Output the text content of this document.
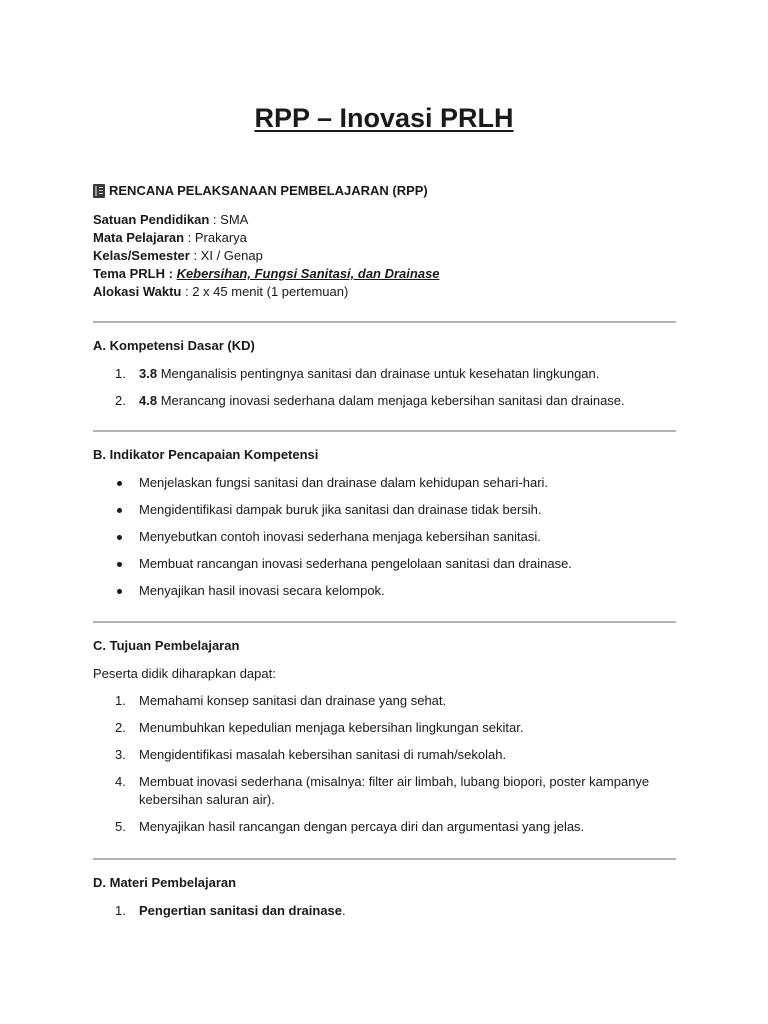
RPP – Inovasi PRLH
RENCANA PELAKSANAAN PEMBELAJARAN (RPP)
Satuan Pendidikan : SMA
Mata Pelajaran : Prakarya
Kelas/Semester : XI / Genap
Tema PRLH : Kebersihan, Fungsi Sanitasi, dan Drainase
Alokasi Waktu : 2 x 45 menit (1 pertemuan)
A. Kompetensi Dasar (KD)
1. 3.8 Menganalisis pentingnya sanitasi dan drainase untuk kesehatan lingkungan.
2. 4.8 Merancang inovasi sederhana dalam menjaga kebersihan sanitasi dan drainase.
B. Indikator Pencapaian Kompetensi
Menjelaskan fungsi sanitasi dan drainase dalam kehidupan sehari-hari.
Mengidentifikasi dampak buruk jika sanitasi dan drainase tidak bersih.
Menyebutkan contoh inovasi sederhana menjaga kebersihan sanitasi.
Membuat rancangan inovasi sederhana pengelolaan sanitasi dan drainase.
Menyajikan hasil inovasi secara kelompok.
C. Tujuan Pembelajaran
Peserta didik diharapkan dapat:
1. Memahami konsep sanitasi dan drainase yang sehat.
2. Menumbuhkan kepedulian menjaga kebersihan lingkungan sekitar.
3. Mengidentifikasi masalah kebersihan sanitasi di rumah/sekolah.
4. Membuat inovasi sederhana (misalnya: filter air limbah, lubang biopori, poster kampanye kebersihan saluran air).
5. Menyajikan hasil rancangan dengan percaya diri dan argumentasi yang jelas.
D. Materi Pembelajaran
1. Pengertian sanitasi dan drainase.
